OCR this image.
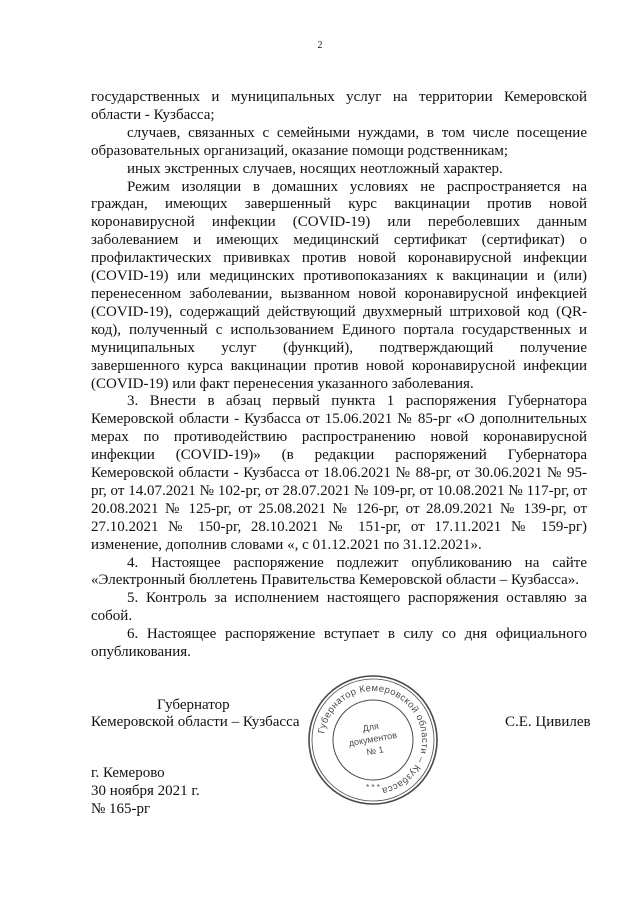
2

государственных и муниципальных услуг на территории Кемеровской области - Кузбасса;

случаев, связанных с семейными нуждами, в том числе посещение образовательных организаций, оказание помощи родственникам;

иных экстренных случаев, носящих неотложный характер.

Режим изоляции в домашних условиях не распространяется на граждан, имеющих завершенный курс вакцинации против новой коронавирусной инфекции (COVID-19) или переболевших данным заболеванием и имеющих медицинский сертификат (сертификат) о профилактических прививках против новой коронавирусной инфекции (COVID-19) или медицинских противопоказаниях к вакцинации и (или) перенесенном заболевании, вызванном новой коронавирусной инфекцией (COVID-19), содержащий действующий двухмерный штриховой код (QR-код), полученный с использованием Единого портала государственных и муниципальных услуг (функций), подтверждающий получение завершенного курса вакцинации против новой коронавирусной инфекции (COVID-19) или факт перенесения указанного заболевания.

3. Внести в абзац первый пункта 1 распоряжения Губернатора Кемеровской области - Кузбасса от 15.06.2021 № 85-рг «О дополнительных мерах по противодействию распространению новой коронавирусной инфекции (COVID-19)» (в редакции распоряжений Губернатора Кемеровской области - Кузбасса от 18.06.2021 № 88-рг, от 30.06.2021 № 95-рг, от 14.07.2021 № 102-рг, от 28.07.2021 № 109-рг, от 10.08.2021 № 117-рг, от 20.08.2021 № 125-рг, от 25.08.2021 № 126-рг, от 28.09.2021 № 139-рг, от 27.10.2021 № 150-рг, 28.10.2021 № 151-рг, от 17.11.2021 № 159-рг) изменение, дополнив словами «, с 01.12.2021 по 31.12.2021».

4. Настоящее распоряжение подлежит опубликованию на сайте «Электронный бюллетень Правительства Кемеровской области – Кузбасса».

5. Контроль за исполнением настоящего распоряжения оставляю за собой.

6. Настоящее распоряжение вступает в силу со дня официального опубликования.

Губернатор
Кемеровской области – Кузбасса	С.Е. Цивилев
Губернатор Кемеровской области – Кузбасса
Для
документов
№ 1
* * *
г. Кемерово
30 ноября 2021 г.
№ 165-рг
